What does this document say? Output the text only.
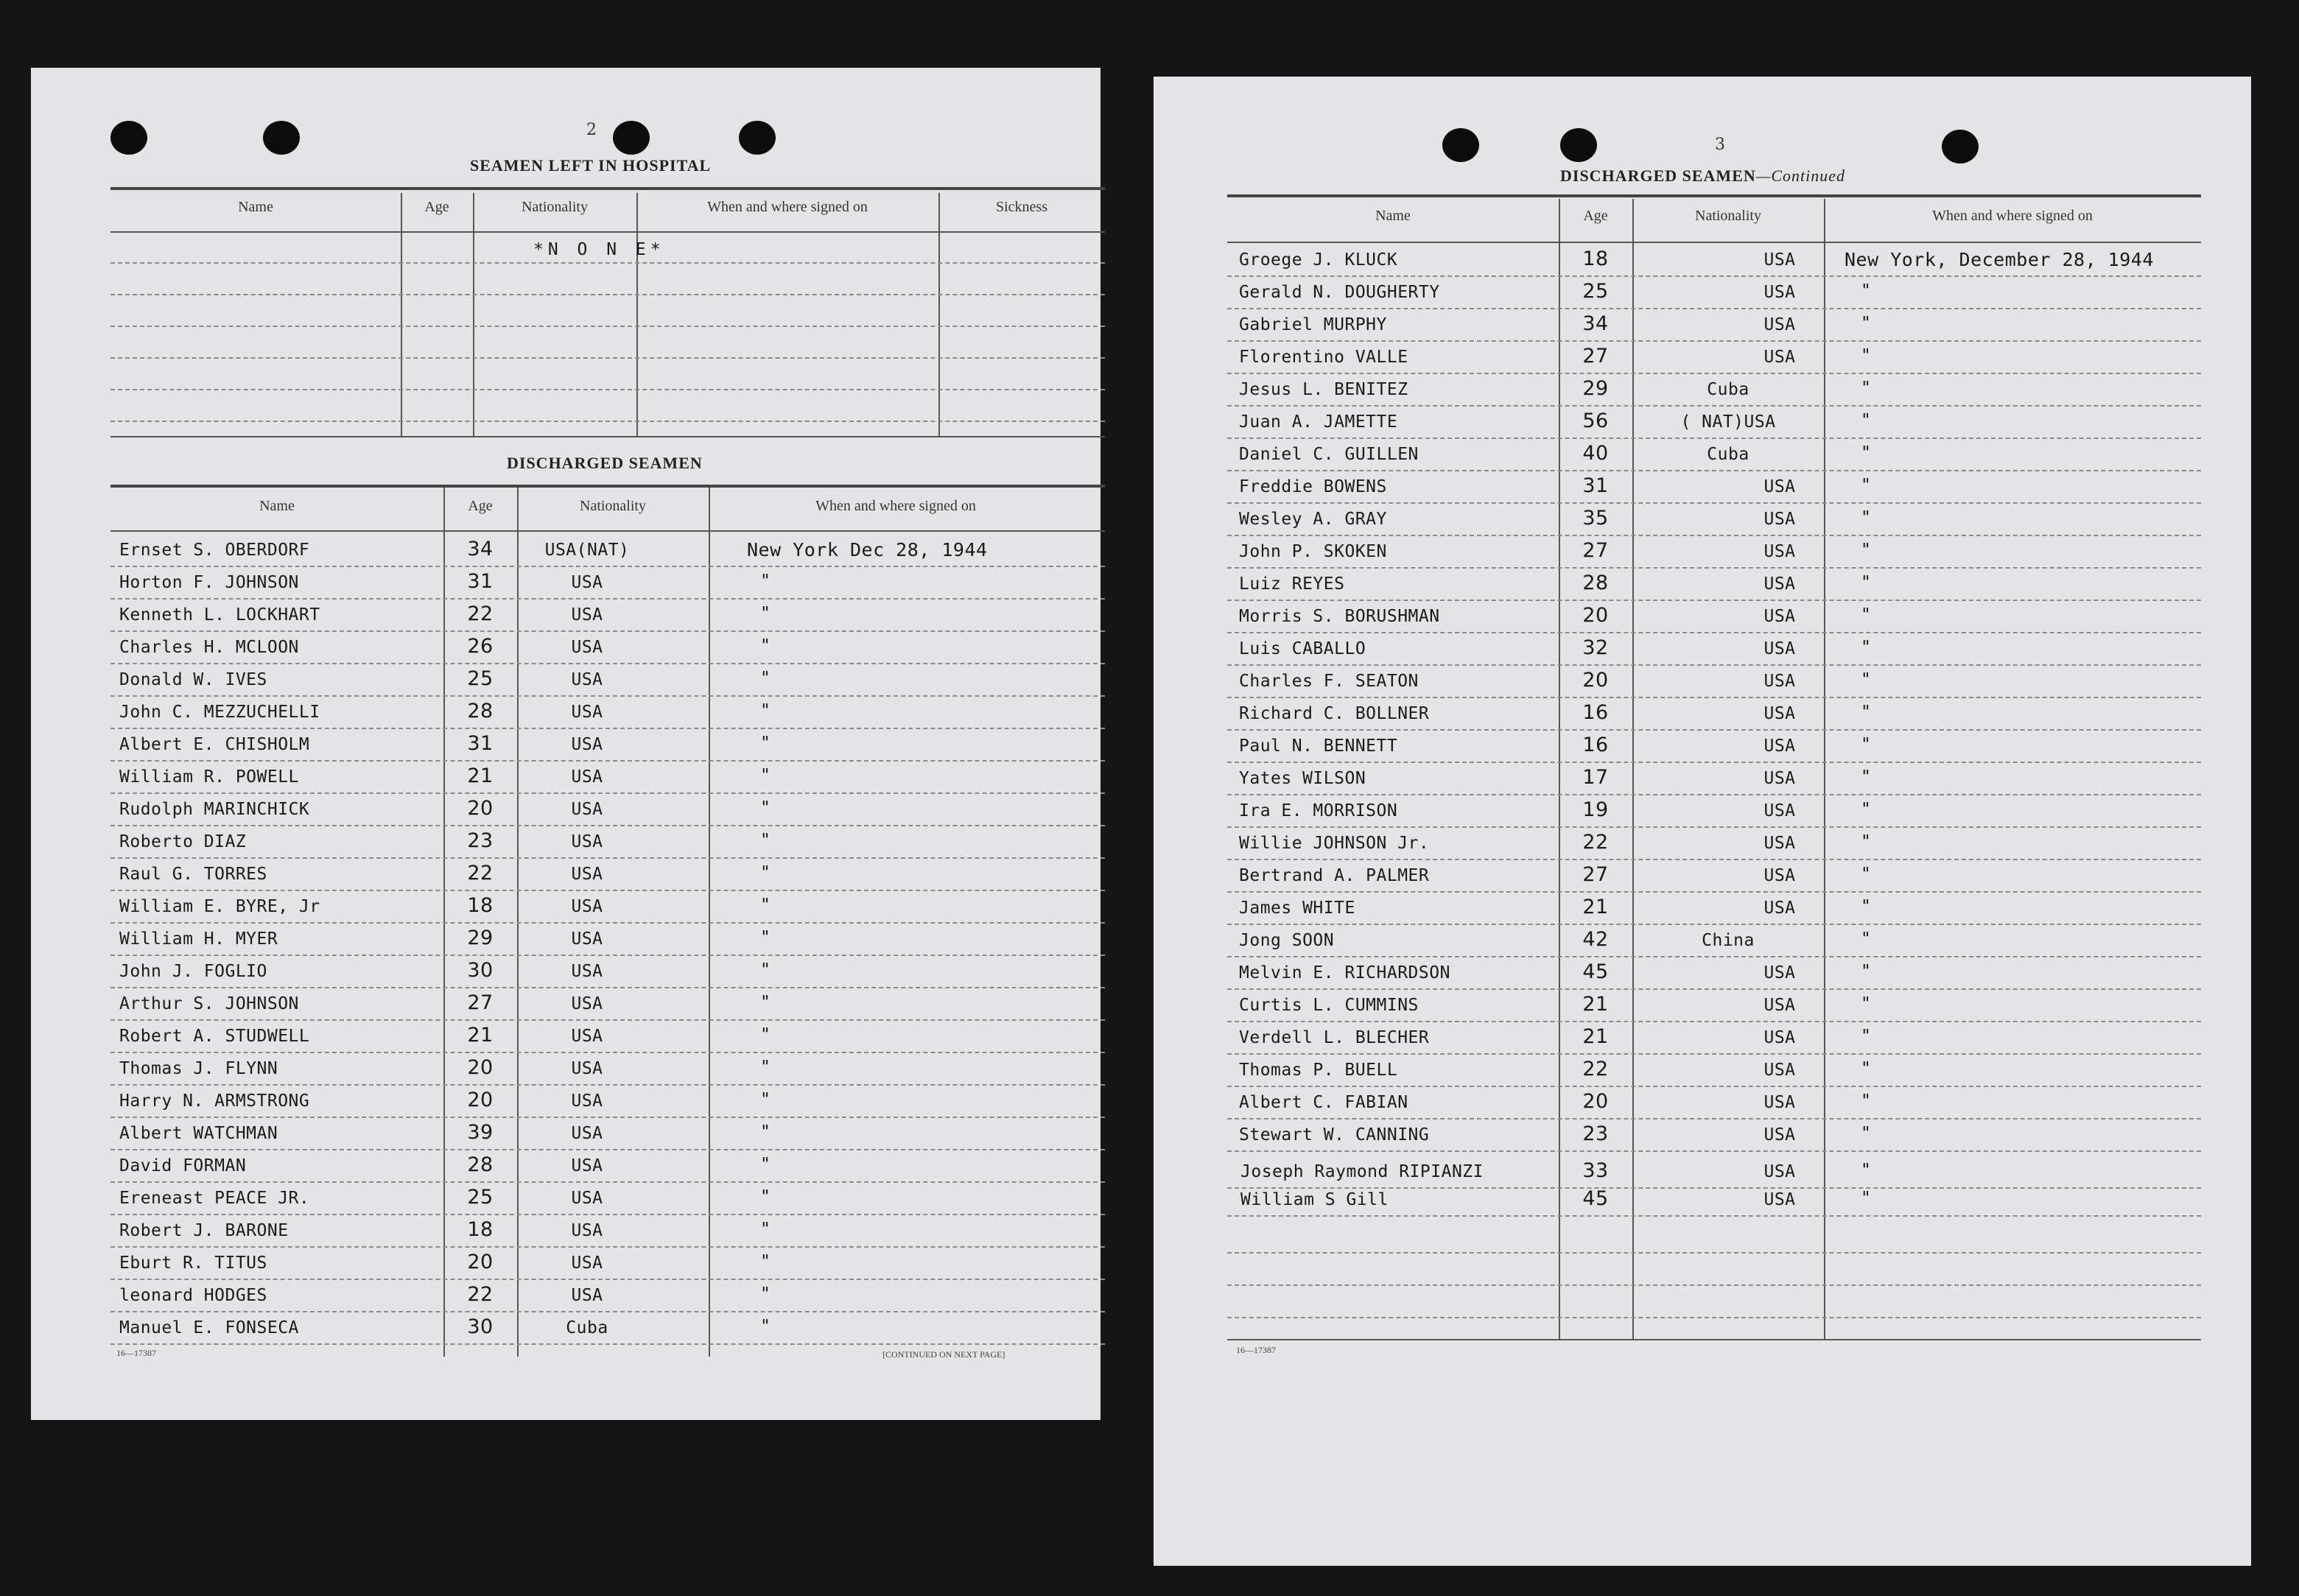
2
SEAMEN LEFT IN HOSPITAL
Name	Age	Nationality	When and where signed on	Sickness
*N O N E*
DISCHARGED SEAMEN
Name	Age	Nationality	When and where signed on
Ernset S. OBERDORF	34	USA(NAT)	New York Dec 28, 1944
Horton F. JOHNSON	31	USA	"
Kenneth L. LOCKHART	22	USA	"
Charles H. MCLOON	26	USA	"
Donald W. IVES	25	USA	"
John C. MEZZUCHELLI	28	USA	"
Albert E. CHISHOLM	31	USA	"
William R. POWELL	21	USA	"
Rudolph MARINCHICK	20	USA	"
Roberto DIAZ	23	USA	"
Raul G. TORRES	22	USA	"
William E. BYRE, Jr	18	USA	"
William H. MYER	29	USA	"
John J. FOGLIO	30	USA	"
Arthur S. JOHNSON	27	USA	"
Robert A. STUDWELL	21	USA	"
Thomas J. FLYNN	20	USA	"
Harry N. ARMSTRONG	20	USA	"
Albert WATCHMAN	39	USA	"
David FORMAN	28	USA	"
Ereneast PEACE JR.	25	USA	"
Robert J. BARONE	18	USA	"
Eburt R. TITUS	20	USA	"
leonard HODGES	22	USA	"
Manuel E. FONSECA	30	Cuba	"
16—17387	[CONTINUED ON NEXT PAGE]
3
DISCHARGED SEAMEN—Continued
Name	Age	Nationality	When and where signed on
Groege J. KLUCK	18	USA	New York, December 28, 1944
Gerald N. DOUGHERTY	25	USA	"
Gabriel MURPHY	34	USA	"
Florentino VALLE	27	USA	"
Jesus L. BENITEZ	29	Cuba	"
Juan A. JAMETTE	56	( NAT)USA	"
Daniel C. GUILLEN	40	Cuba	"
Freddie BOWENS	31	USA	"
Wesley A. GRAY	35	USA	"
John P. SKOKEN	27	USA	"
Luiz REYES	28	USA	"
Morris S. BORUSHMAN	20	USA	"
Luis CABALLO	32	USA	"
Charles F. SEATON	20	USA	"
Richard C. BOLLNER	16	USA	"
Paul N. BENNETT	16	USA	"
Yates WILSON	17	USA	"
Ira E. MORRISON	19	USA	"
Willie JOHNSON Jr.	22	USA	"
Bertrand A. PALMER	27	USA	"
James WHITE	21	USA	"
Jong SOON	42	China	"
Melvin E. RICHARDSON	45	USA	"
Curtis L. CUMMINS	21	USA	"
Verdell L. BLECHER	21	USA	"
Thomas P. BUELL	22	USA	"
Albert C. FABIAN	20	USA	"
Stewart W. CANNING	23	USA	"
Joseph Raymond RIPIANZI	33	USA	"
William S Gill	45	USA	"
16—17387
